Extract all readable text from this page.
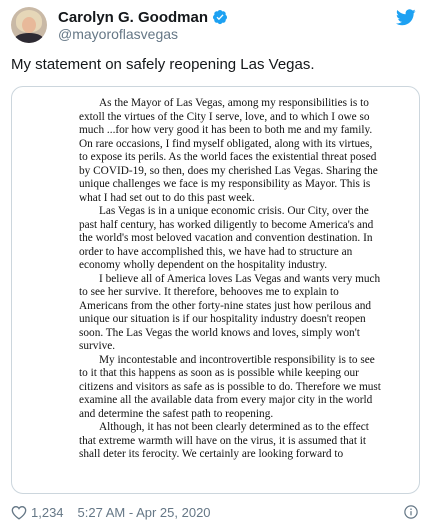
Carolyn G. Goodman
@mayoroflasvegas
My statement on safely reopening Las Vegas.

As the Mayor of Las Vegas, among my responsibilities is to extoll the virtues of the City I serve, love, and to which I owe so much ...for how very good it has been to both me and my family. On rare occasions, I find myself obligated, along with its virtues, to expose its perils. As the world faces the existential threat posed by COVID-19, so then, does my cherished Las Vegas. Sharing the unique challenges we face is my responsibility as Mayor. This is what I had set out to do this past week.

Las Vegas is in a unique economic crisis. Our City, over the past half century, has worked diligently to become America's and the world's most beloved vacation and convention destination. In order to have accomplished this, we have had to structure an economy wholly dependent on the hospitality industry.

I believe all of America loves Las Vegas and wants very much to see her survive. It therefore, behooves me to explain to Americans from the other forty-nine states just how perilous and unique our situation is if our hospitality industry doesn't reopen soon. The Las Vegas the world knows and loves, simply won't survive.

My incontestable and incontrovertible responsibility is to see to it that this happens as soon as is possible while keeping our citizens and visitors as safe as is possible to do. Therefore we must examine all the available data from every major city in the world and determine the safest path to reopening.

Although, it has not been clearly determined as to the effect that extreme warmth will have on the virus, it is assumed that it shall deter its ferocity. We certainly are looking forward to

1,234 5:27 AM - Apr 25, 2020
